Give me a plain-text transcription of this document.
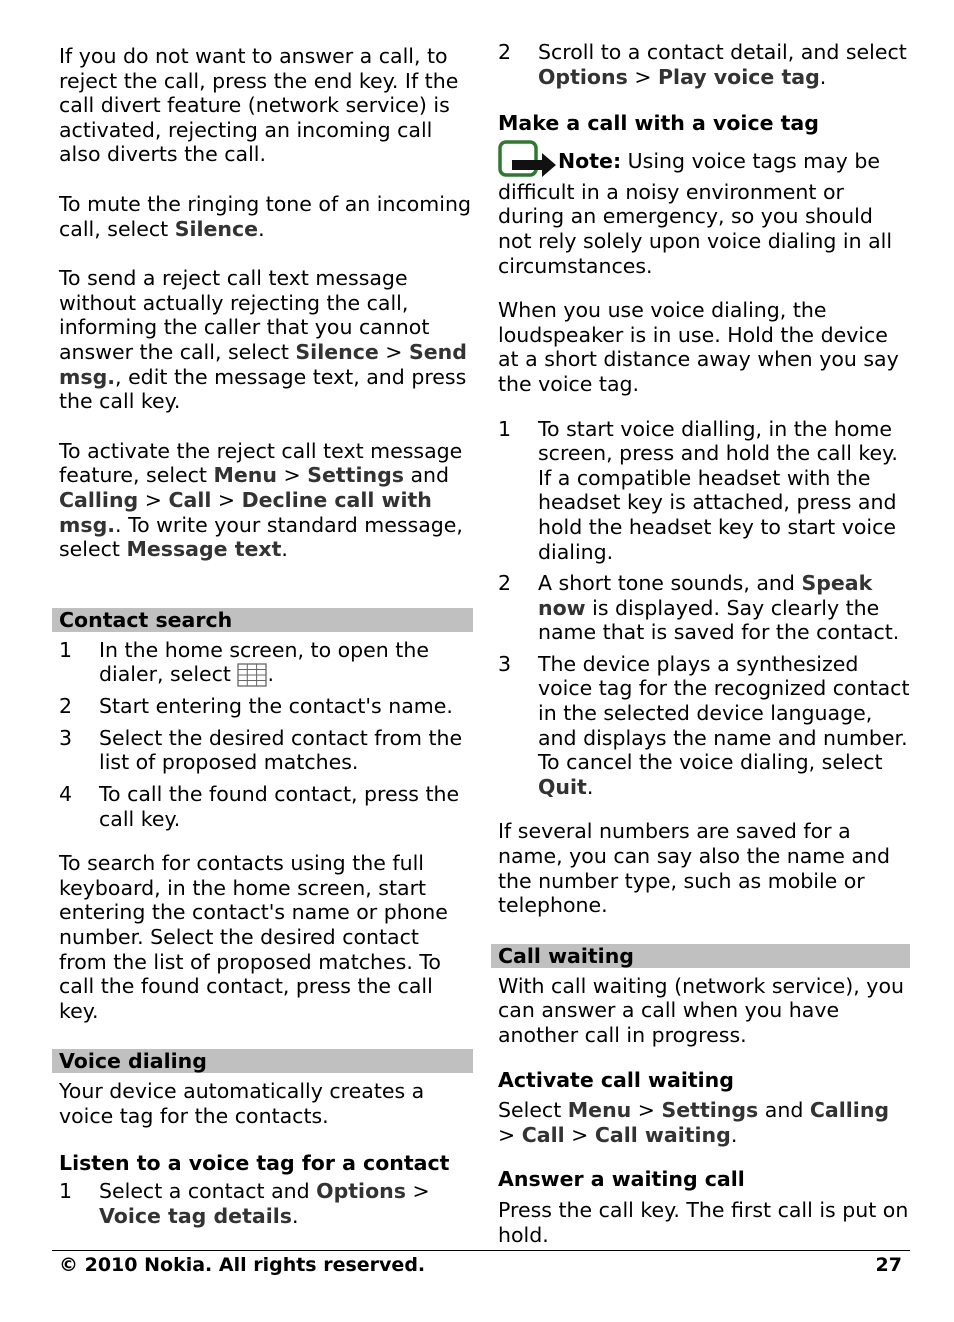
If you do not want to answer a call, to reject the call, press the end key. If the call divert feature (network service) is activated, rejecting an incoming call also diverts the call.

To mute the ringing tone of an incoming call, select Silence.

To send a reject call text message without actually rejecting the call, informing the caller that you cannot answer the call, select Silence > Send msg., edit the message text, and press the call key.

To activate the reject call text message feature, select Menu > Settings and Calling > Call > Decline call with msg.. To write your standard message, select Message text.

Contact search
1 In the home screen, to open the dialer, select .
2 Start entering the contact's name.
3 Select the desired contact from the list of proposed matches.
4 To call the found contact, press the call key.

To search for contacts using the full keyboard, in the home screen, start entering the contact's name or phone number. Select the desired contact from the list of proposed matches. To call the found contact, press the call key.

Voice dialing

Your device automatically creates a voice tag for the contacts.

Listen to a voice tag for a contact

1 Select a contact and Options > Voice tag details.
2 Scroll to a contact detail, and select Options > Play voice tag.

Make a call with a voice tag

Note: Using voice tags may be difficult in a noisy environment or during an emergency, so you should not rely solely upon voice dialing in all circumstances.

When you use voice dialing, the loudspeaker is in use. Hold the device at a short distance away when you say the voice tag.

1 To start voice dialling, in the home screen, press and hold the call key. If a compatible headset with the headset key is attached, press and hold the headset key to start voice dialing.
2 A short tone sounds, and Speak now is displayed. Say clearly the name that is saved for the contact.
3 The device plays a synthesized voice tag for the recognized contact in the selected device language, and displays the name and number. To cancel the voice dialing, select Quit.

If several numbers are saved for a name, you can say also the name and the number type, such as mobile or telephone.

Call waiting

With call waiting (network service), you can answer a call when you have another call in progress.

Activate call waiting

Select Menu > Settings and Calling > Call > Call waiting.

Answer a waiting call

Press the call key. The first call is put on hold.

© 2010 Nokia. All rights reserved.	27
